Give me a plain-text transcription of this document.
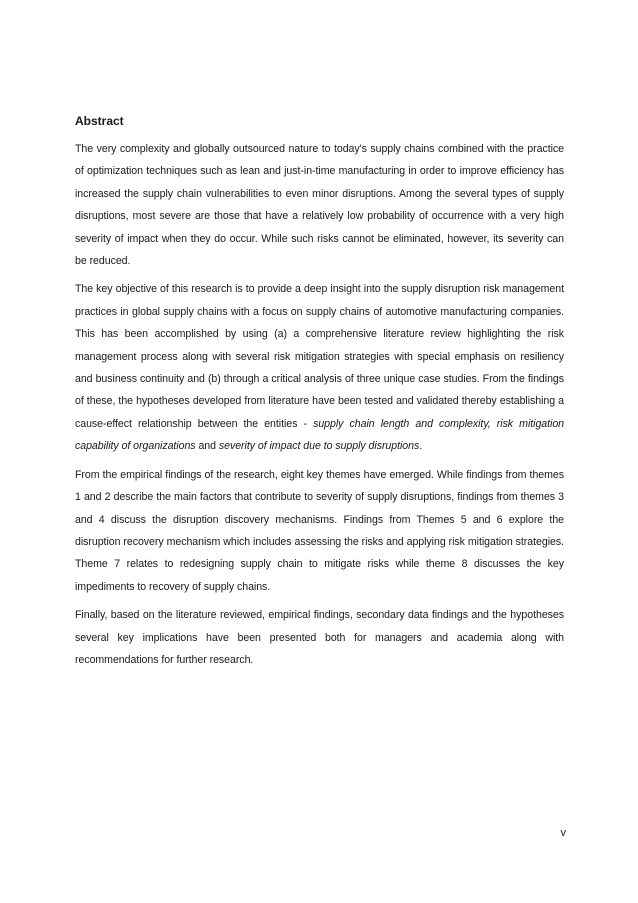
Abstract

The very complexity and globally outsourced nature to today's supply chains combined with the practice of optimization techniques such as lean and just-in-time manufacturing in order to improve efficiency has increased the supply chain vulnerabilities to even minor disruptions. Among the several types of supply disruptions, most severe are those that have a relatively low probability of occurrence with a very high severity of impact when they do occur. While such risks cannot be eliminated, however, its severity can be reduced.

The key objective of this research is to provide a deep insight into the supply disruption risk management practices in global supply chains with a focus on supply chains of automotive manufacturing companies. This has been accomplished by using (a) a comprehensive literature review highlighting the risk management process along with several risk mitigation strategies with special emphasis on resiliency and business continuity and (b) through a critical analysis of three unique case studies. From the findings of these, the hypotheses developed from literature have been tested and validated thereby establishing a cause-effect relationship between the entities - supply chain length and complexity, risk mitigation capability of organizations and severity of impact due to supply disruptions.

From the empirical findings of the research, eight key themes have emerged. While findings from themes 1 and 2 describe the main factors that contribute to severity of supply disruptions, findings from themes 3 and 4 discuss the disruption discovery mechanisms. Findings from Themes 5 and 6 explore the disruption recovery mechanism which includes assessing the risks and applying risk mitigation strategies. Theme 7 relates to redesigning supply chain to mitigate risks while theme 8 discusses the key impediments to recovery of supply chains.

Finally, based on the literature reviewed, empirical findings, secondary data findings and the hypotheses several key implications have been presented both for managers and academia along with recommendations for further research.

v
